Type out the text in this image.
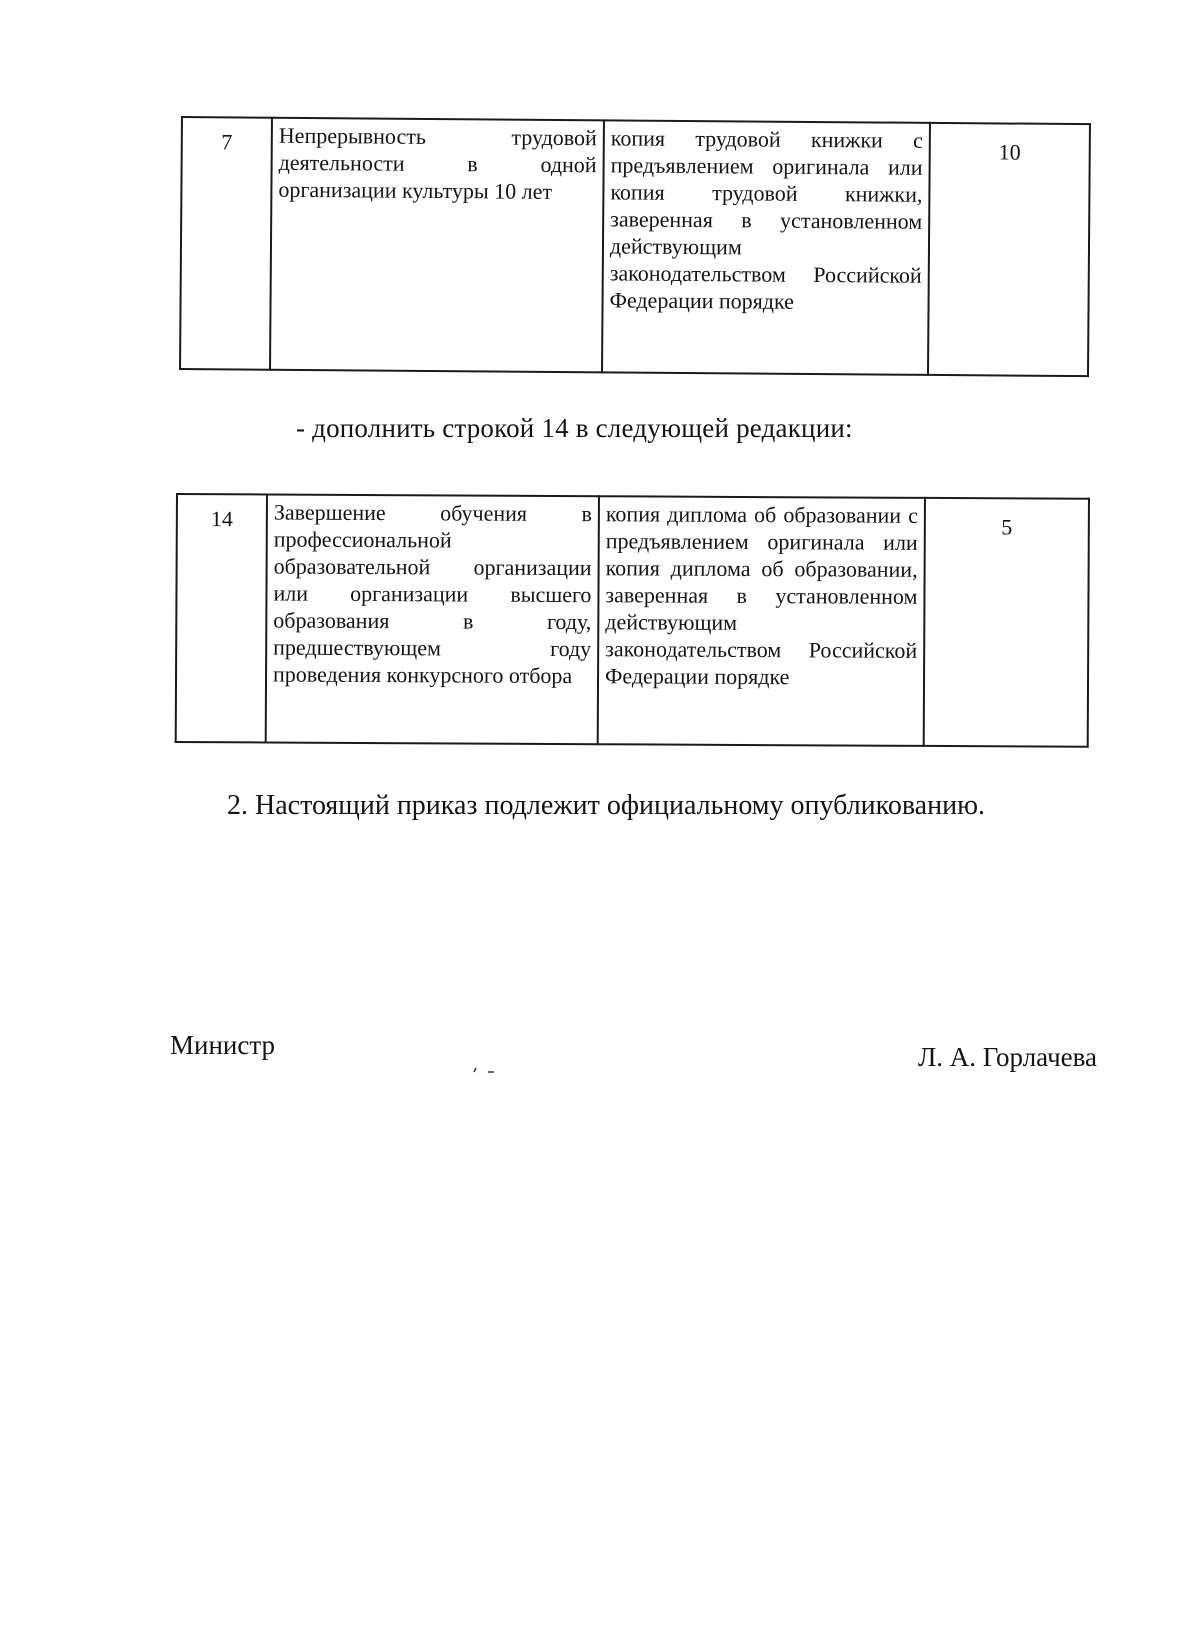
7	Непрерывность трудовой деятельности в одной организации культуры 10 лет	копия трудовой книжки с предъявлением оригинала или копия трудовой книжки, заверенная в установленном действующим законодательством Российской Федерации порядке	10
- дополнить строкой 14 в следующей редакции:
14	Завершение обучения в профессиональной образовательной организации или организации высшего образования в году, предшествующем году проведения конкурсного отбора	копия диплома об образовании с предъявлением оригинала или копия диплома об образовании, заверенная в установленном действующим законодательством Российской Федерации порядке	5
2. Настоящий приказ подлежит официальному опубликованию.
Министр	Л. А. Горлачева
